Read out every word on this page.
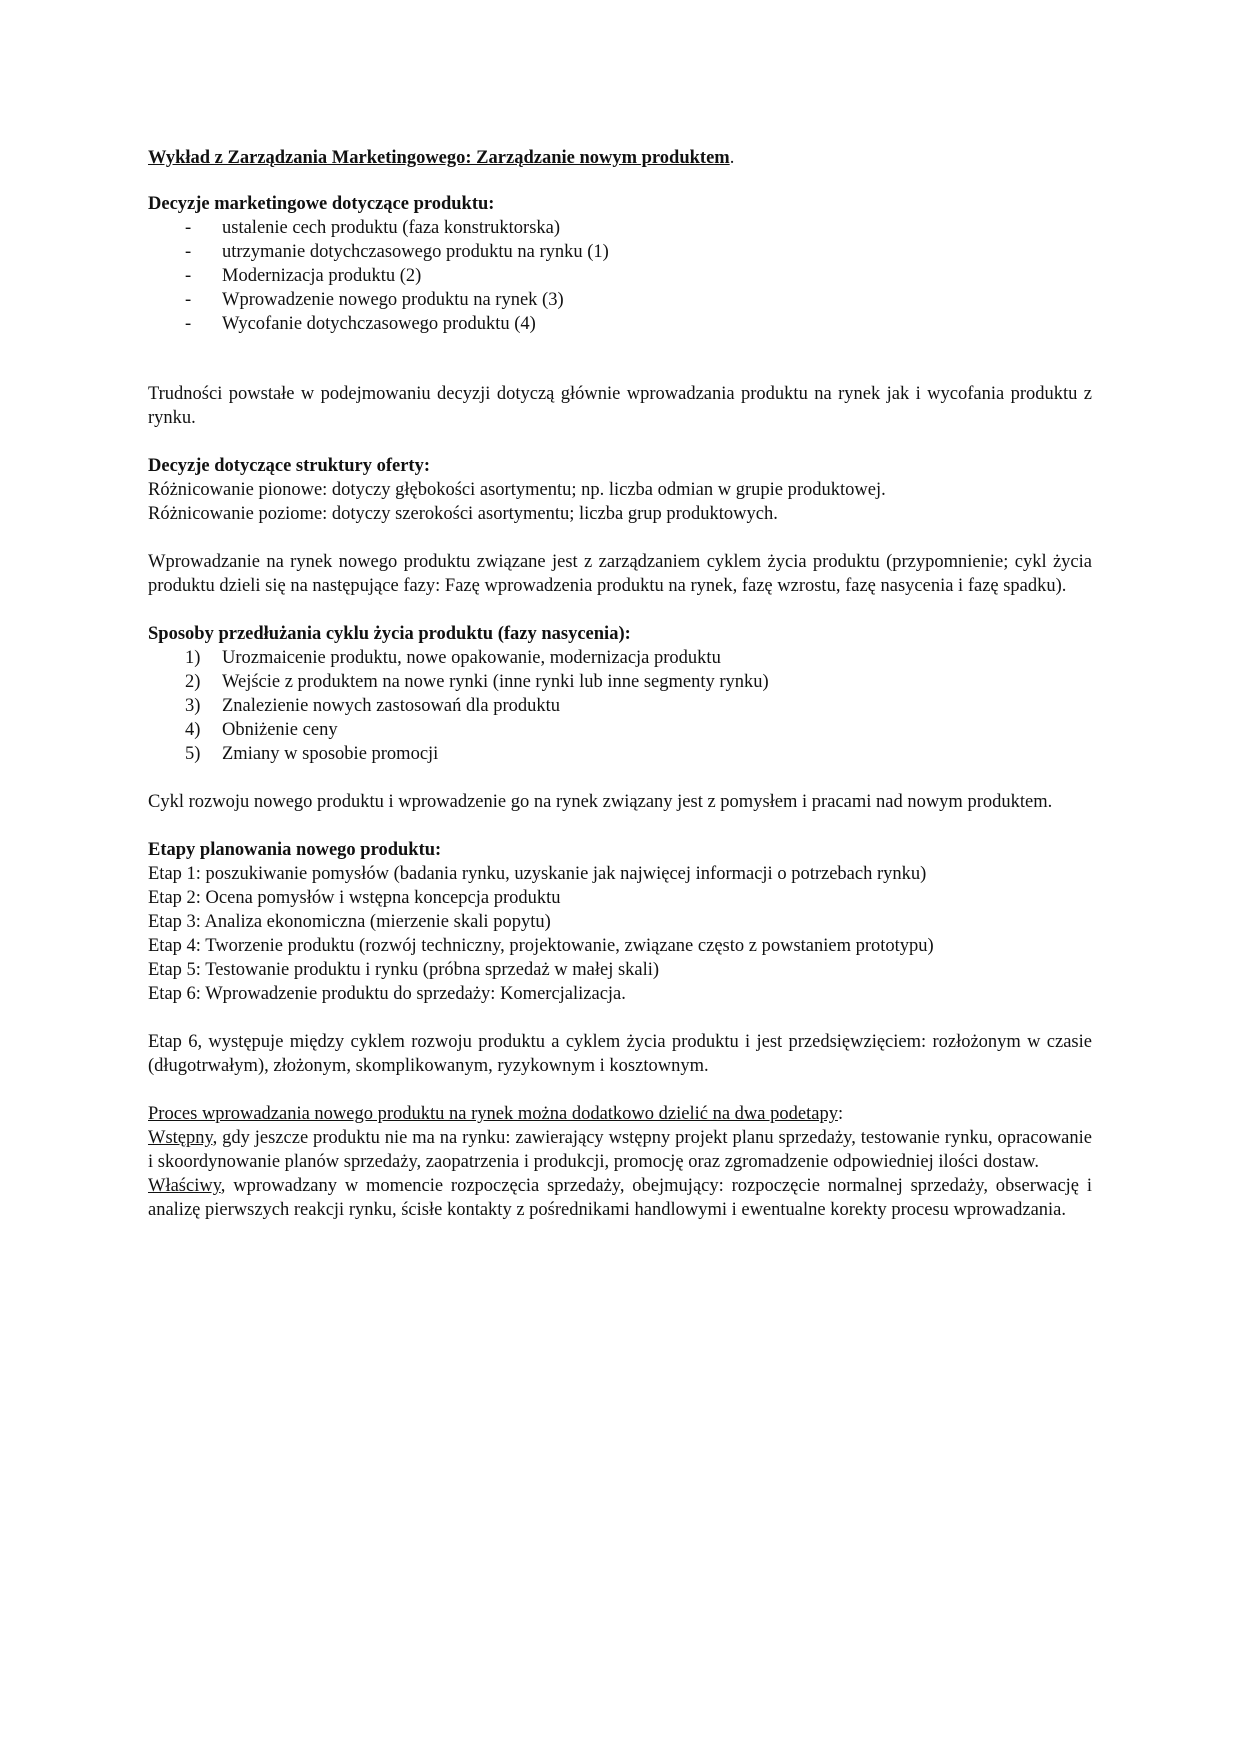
Wykład z Zarządzania Marketingowego: Zarządzanie nowym produktem.

Decyzje marketingowe dotyczące produktu:

- ustalenie cech produktu (faza konstruktorska)
- utrzymanie dotychczasowego produktu na rynku (1)
- Modernizacja produktu (2)
- Wprowadzenie nowego produktu na rynek (3)
- Wycofanie dotychczasowego produktu (4)

Trudności powstałe w podejmowaniu decyzji dotyczą głównie wprowadzania produktu na rynek jak i wycofania produktu z rynku.

Decyzje dotyczące struktury oferty:

Różnicowanie pionowe: dotyczy głębokości asortymentu; np. liczba odmian w grupie produktowej.

Różnicowanie poziome: dotyczy szerokości asortymentu; liczba grup produktowych.

Wprowadzanie na rynek nowego produktu związane jest z zarządzaniem cyklem życia produktu (przypomnienie; cykl życia produktu dzieli się na następujące fazy: Fazę wprowadzenia produktu na rynek, fazę wzrostu, fazę nasycenia i fazę spadku).

Sposoby przedłużania cyklu życia produktu (fazy nasycenia):

1) Urozmaicenie produktu, nowe opakowanie, modernizacja produktu
2) Wejście z produktem na nowe rynki (inne rynki lub inne segmenty rynku)
3) Znalezienie nowych zastosowań dla produktu
4) Obniżenie ceny
5) Zmiany w sposobie promocji

Cykl rozwoju nowego produktu i wprowadzenie go na rynek związany jest z pomysłem i pracami nad nowym produktem.

Etapy planowania nowego produktu:

Etap 1: poszukiwanie pomysłów (badania rynku, uzyskanie jak najwięcej informacji o potrzebach rynku)

Etap 2: Ocena pomysłów i wstępna koncepcja produktu

Etap 3: Analiza ekonomiczna (mierzenie skali popytu)

Etap 4: Tworzenie produktu (rozwój techniczny, projektowanie, związane często z powstaniem prototypu)

Etap 5: Testowanie produktu i rynku (próbna sprzedaż w małej skali)

Etap 6: Wprowadzenie produktu do sprzedaży: Komercjalizacja.

Etap 6, występuje między cyklem rozwoju produktu a cyklem życia produktu i jest przedsięwzięciem: rozłożonym w czasie (długotrwałym), złożonym, skomplikowanym, ryzykownym i kosztownym.

Proces wprowadzania nowego produktu na rynek można dodatkowo dzielić na dwa podetapy:

Wstępny, gdy jeszcze produktu nie ma na rynku: zawierający wstępny projekt planu sprzedaży, testowanie rynku, opracowanie i skoordynowanie planów sprzedaży, zaopatrzenia i produkcji, promocję oraz zgromadzenie odpowiedniej ilości dostaw.

Właściwy, wprowadzany w momencie rozpoczęcia sprzedaży, obejmujący: rozpoczęcie normalnej sprzedaży, obserwację i analizę pierwszych reakcji rynku, ścisłe kontakty z pośrednikami handlowymi i ewentualne korekty procesu wprowadzania.
